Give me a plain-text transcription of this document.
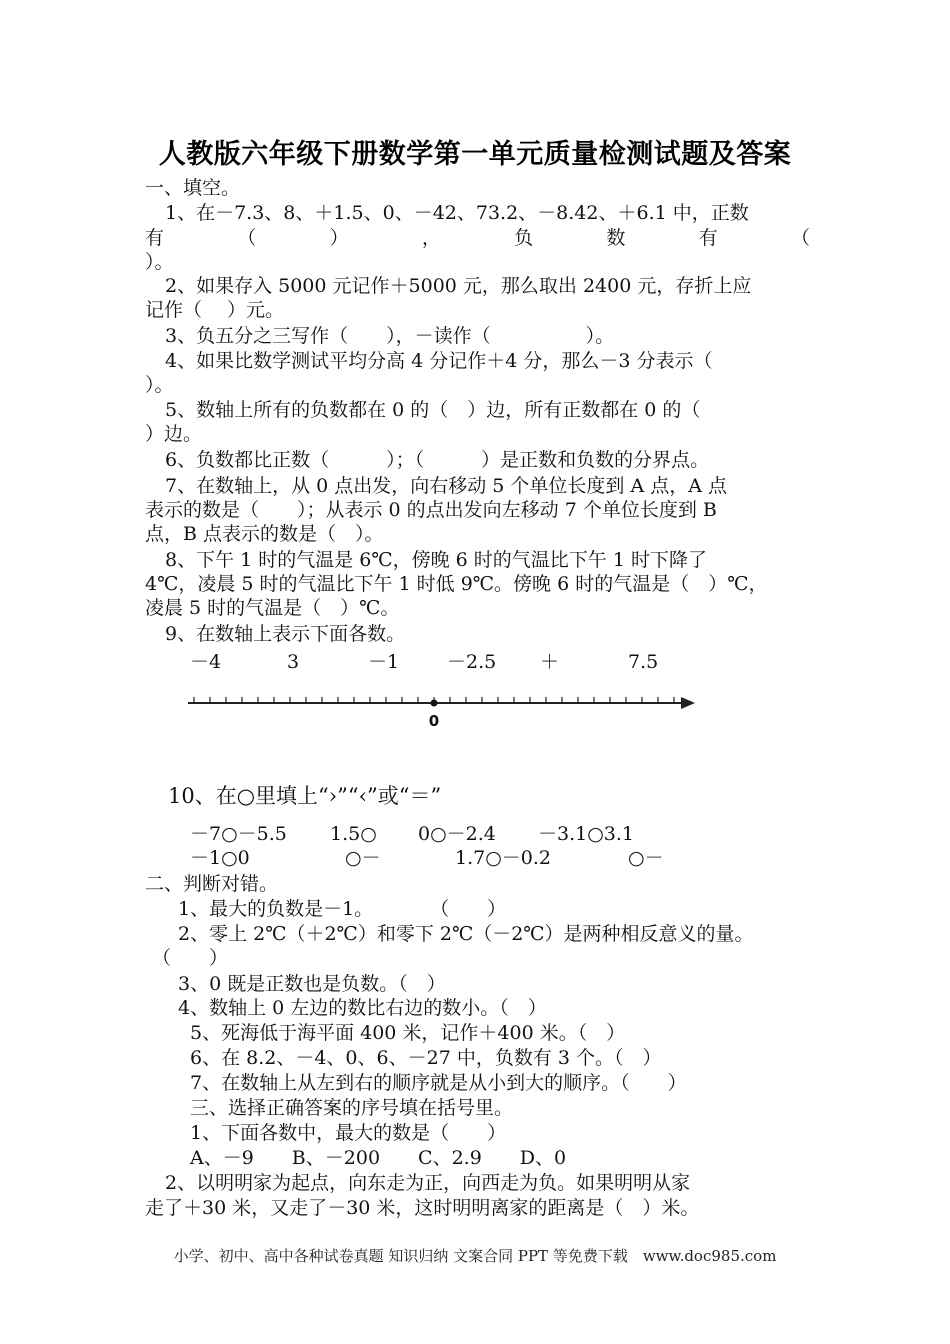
人教版六年级下册数学第一单元质量检测试题及答案
一、填空。
1、在－7.3、8、＋1.5、0、－42、73.2、－8.42、＋6.1 中，正数
有	（	）	，	负	数	有	（
）。
2、如果存入 5000 元记作＋5000 元，那么取出 2400 元，存折上应
记作（　 ）元。
3、负五分之三写作（　　），－读作（　　　　　）。
4、如果比数学测试平均分高 4 分记作＋4 分，那么－3 分表示（
）。
5、数轴上所有的负数都在 0 的（　）边，所有正数都在 0 的（
）边。
6、负数都比正数（　　　）；（　　　）是正数和负数的分界点。
7、在数轴上，从 0 点出发，向右移动 5 个单位长度到 A 点，A 点
表示的数是（　　）；从表示 0 的点出发向左移动 7 个单位长度到 B
点，B 点表示的数是（　）。
8、下午 1 时的气温是 6℃，傍晚 6 时的气温比下午 1 时下降了
4℃，凌晨 5 时的气温比下午 1 时低 9℃。傍晚 6 时的气温是（　）℃，
凌晨 5 时的气温是（　）℃。
9、在数轴上表示下面各数。
－4	3	－1	－2.5 ＋	7.5
0
10、在○里填上“›”“‹”或“＝”
－7○－5.5 1.5○ 0○－2.4 －3.1○3.1
－1○0	○－	1.7○－0.2	○－
二、判断对错。
1、最大的负数是－1。　　　　（　　）
2、零上 2℃（＋2℃）和零下 2℃（－2℃）是两种相反意义的量。
（　　）
3、0 既是正数也是负数。（　）
4、数轴上 0 左边的数比右边的数小。（　）
5、死海低于海平面 400 米，记作＋400 米。（　）
6、在 8.2、－4、0、6、－27 中，负数有 3 个。（　）
7、在数轴上从左到右的顺序就是从小到大的顺序。（　　）
三、选择正确答案的序号填在括号里。
1、下面各数中，最大的数是（　　）
A、－9　　B、－200　　C、2.9　　D、0
2、以明明家为起点，向东走为正，向西走为负。如果明明从家
走了＋30 米，又走了－30 米，这时明明离家的距离是（　）米。
小学、初中、高中各种试卷真题 知识归纳 文案合同 PPT 等免费下载　www.doc985.com
